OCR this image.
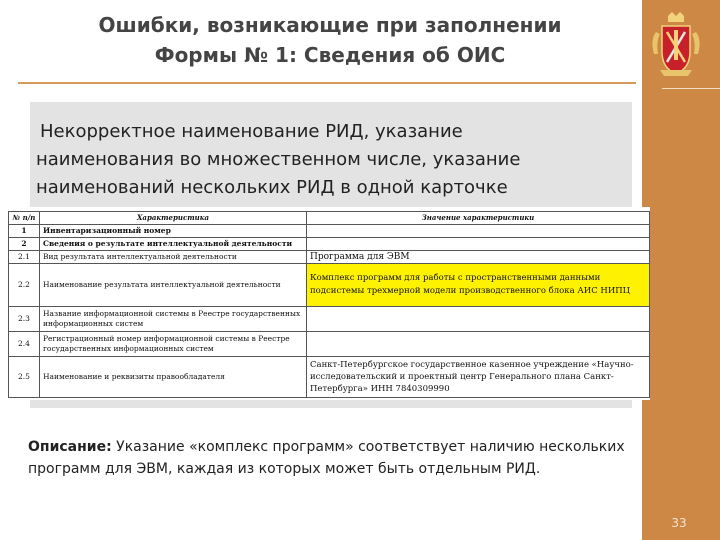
Ошибки, возникающие при заполнении
Формы № 1: Сведения об ОИС
Некорректное наименование РИД, указание
наименования во множественном числе, указание
наименований нескольких РИД в одной карточке
№ п/п	Характеристика	Значение характеристики
1	Инвентаризационный номер	
2	Сведения о результате интеллектуальной деятельности	
2.1	Вид результата интеллектуальной деятельности	Программа для ЭВМ
2.2	Наименование результата интеллектуальной деятельности	Комплекс программ для работы с пространственными данными подсистемы трехмерной модели производственного блока АИС НИПЦ
2.3	Название информационной системы в Реестре государственных информационных систем	
2.4	Регистрационный номер информационной системы в Реестре государственных информационных систем	
2.5	Наименование и реквизиты правообладателя	Санкт-Петербургское государственное казенное учреждение «Научно-исследовательский и проектный центр Генерального плана Санкт-Петербурга» ИНН 7840309990
Описание: Указание «комплекс программ» соответствует наличию нескольких программ для ЭВМ, каждая из которых может быть отдельным РИД.
33
